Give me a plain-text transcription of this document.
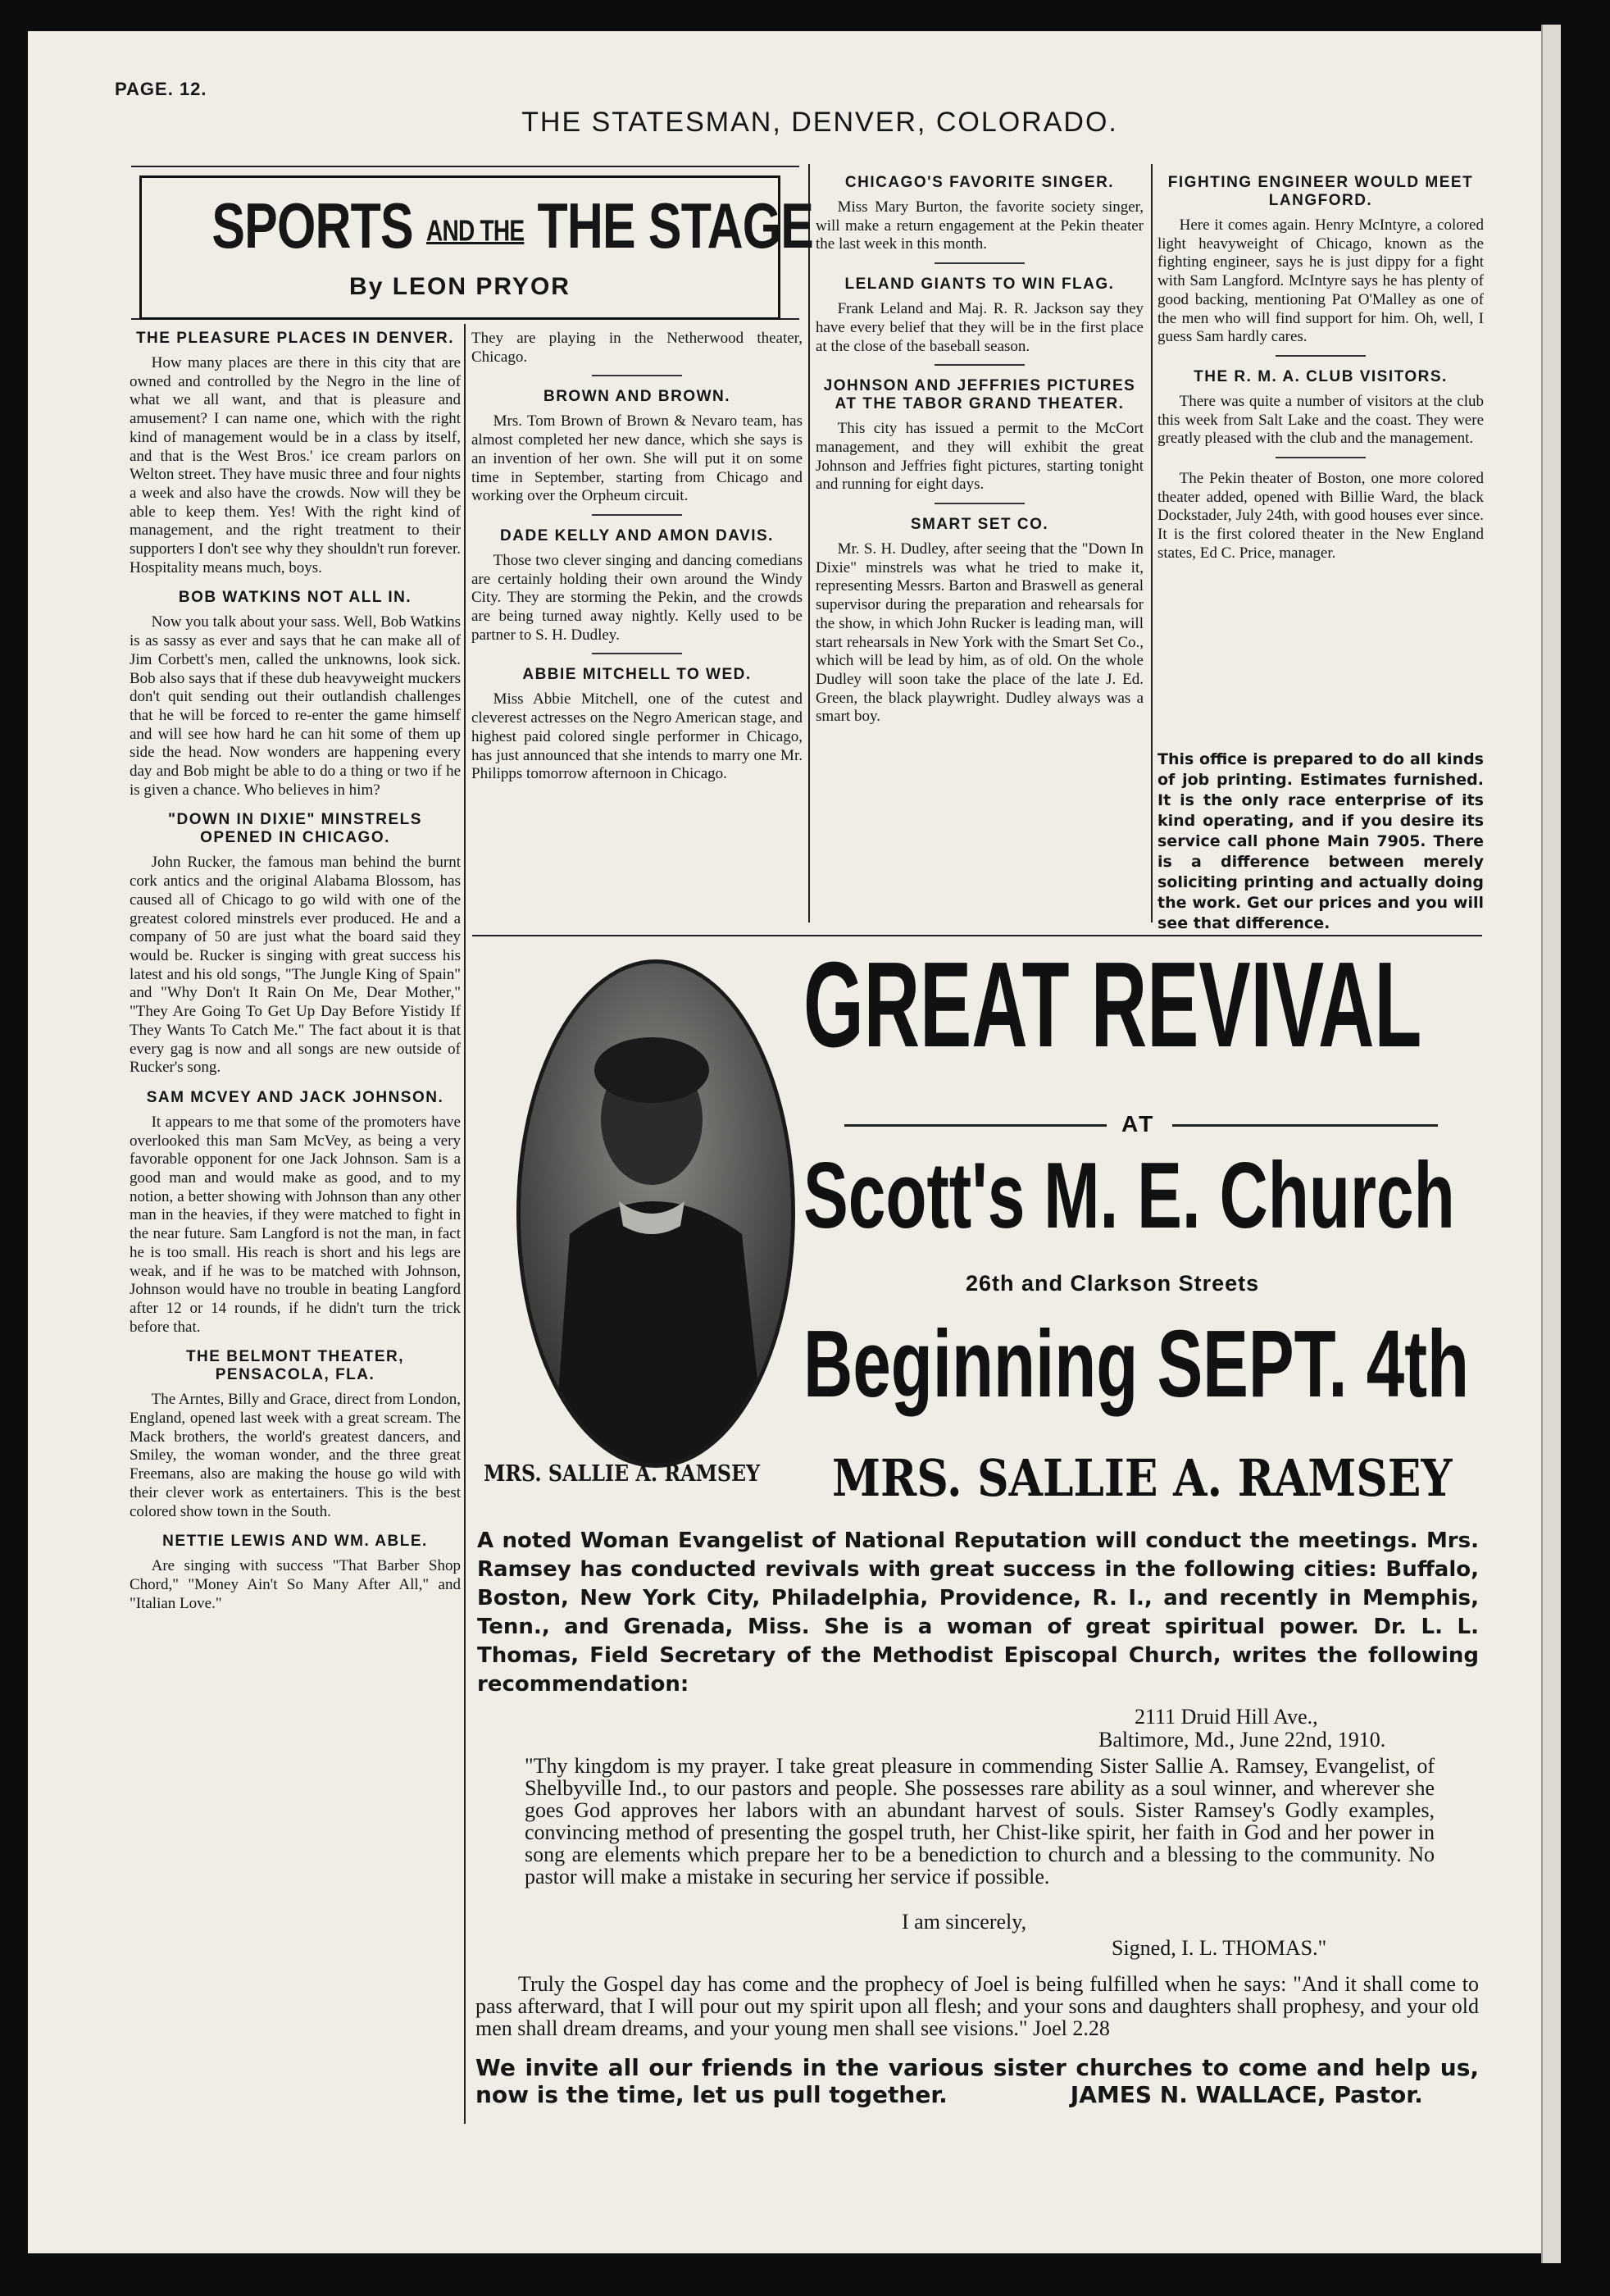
PAGE. 12.
THE STATESMAN, DENVER, COLORADO.
SPORTS AND THE THE STAGE
By LEON PRYOR
THE PLEASURE PLACES IN DENVER.

How many places are there in this city that are owned and controlled by the Negro in the line of what we all want, and that is pleasure and amusement? I can name one, which with the right kind of management would be in a class by itself, and that is the West Bros.' ice cream parlors on Welton street. They have music three and four nights a week and also have the crowds. Now will they be able to keep them. Yes! With the right kind of management, and the right treatment to their supporters I don't see why they shouldn't run forever. Hospitality means much, boys.

BOB WATKINS NOT ALL IN.

Now you talk about your sass. Well, Bob Watkins is as sassy as ever and says that he can make all of Jim Corbett's men, called the unknowns, look sick. Bob also says that if these dub heavyweight muckers don't quit sending out their outlandish challenges that he will be forced to re-enter the game himself and will see how hard he can hit some of them up side the head. Now wonders are happening every day and Bob might be able to do a thing or two if he is given a chance. Who believes in him?

"DOWN IN DIXIE" MINSTRELS OPENED IN CHICAGO.

John Rucker, the famous man behind the burnt cork antics and the original Alabama Blossom, has caused all of Chicago to go wild with one of the greatest colored minstrels ever produced. He and a company of 50 are just what the board said they would be. Rucker is singing with great success his latest and his old songs, "The Jungle King of Spain" and "Why Don't It Rain On Me, Dear Mother," "They Are Going To Get Up Day Before Yistidy If They Wants To Catch Me." The fact about it is that every gag is now and all songs are new outside of Rucker's song.

SAM MCVEY AND JACK JOHNSON.

It appears to me that some of the promoters have overlooked this man Sam McVey, as being a very favorable opponent for one Jack Johnson. Sam is a good man and would make as good, and to my notion, a better showing with Johnson than any other man in the heavies, if they were matched to fight in the near future. Sam Langford is not the man, in fact he is too small. His reach is short and his legs are weak, and if he was to be matched with Johnson, Johnson would have no trouble in beating Langford after 12 or 14 rounds, if he didn't turn the trick before that.

THE BELMONT THEATER, PENSACOLA, FLA.

The Arntes, Billy and Grace, direct from London, England, opened last week with a great scream. The Mack brothers, the world's greatest dancers, and Smiley, the woman wonder, and the three great Freemans, also are making the house go wild with their clever work as entertainers. This is the best colored show town in the South.

NETTIE LEWIS AND WM. ABLE.

Are singing with success "That Barber Shop Chord," "Money Ain't So Many After All," and "Italian Love."

They are playing in the Netherwood theater, Chicago.

BROWN AND BROWN.

Mrs. Tom Brown of Brown & Nevaro team, has almost completed her new dance, which she says is an invention of her own. She will put it on some time in September, starting from Chicago and working over the Orpheum circuit.

DADE KELLY AND AMON DAVIS.

Those two clever singing and dancing comedians are certainly holding their own around the Windy City. They are storming the Pekin, and the crowds are being turned away nightly. Kelly used to be partner to S. H. Dudley.

ABBIE MITCHELL TO WED.

Miss Abbie Mitchell, one of the cutest and cleverest actresses on the Negro American stage, and highest paid colored single performer in Chicago, has just announced that she intends to marry one Mr. Philipps tomorrow afternoon in Chicago.

CHICAGO'S FAVORITE SINGER.

Miss Mary Burton, the favorite society singer, will make a return engagement at the Pekin theater the last week in this month.

LELAND GIANTS TO WIN FLAG.

Frank Leland and Maj. R. R. Jackson say they have every belief that they will be in the first place at the close of the baseball season.

JOHNSON AND JEFFRIES PICTURES AT THE TABOR GRAND THEATER.

This city has issued a permit to the McCort management, and they will exhibit the great Johnson and Jeffries fight pictures, starting tonight and running for eight days.

SMART SET CO.

Mr. S. H. Dudley, after seeing that the "Down In Dixie" minstrels was what he tried to make it, representing Messrs. Barton and Braswell as general supervisor during the preparation and rehearsals for the show, in which John Rucker is leading man, will start rehearsals in New York with the Smart Set Co., which will be lead by him, as of old. On the whole Dudley will soon take the place of the late J. Ed. Green, the black playwright. Dudley always was a smart boy.

FIGHTING ENGINEER WOULD MEET LANGFORD.

Here it comes again. Henry McIntyre, a colored light heavyweight of Chicago, known as the fighting engineer, says he is just dippy for a fight with Sam Langford. McIntyre says he has plenty of good backing, mentioning Pat O'Malley as one of the men who will find support for him. Oh, well, I guess Sam hardly cares.

THE R. M. A. CLUB VISITORS.

There was quite a number of visitors at the club this week from Salt Lake and the coast. They were greatly pleased with the club and the management.

The Pekin theater of Boston, one more colored theater added, opened with Billie Ward, the black Dockstader, July 24th, with good houses ever since. It is the first colored theater in the New England states, Ed C. Price, manager.

This office is prepared to do all kinds of job printing. Estimates furnished. It is the only race enterprise of its kind operating, and if you desire its service call phone Main 7905. There is a difference between merely soliciting printing and actually doing the work. Get our prices and you will see that difference.
GREAT REVIVAL
AT
Scott's M. E. Church
26th and Clarkson Streets
Beginning SEPT. 4th
MRS. SALLIE A. RAMSEY MRS. SALLIE A. RAMSEY
A noted Woman Evangelist of National Reputation will conduct the meetings. Mrs. Ramsey has conducted revivals with great success in the following cities: Buffalo, Boston, New York City, Philadelphia, Providence, R. I., and recently in Memphis, Tenn., and Grenada, Miss. She is a woman of great spiritual power. Dr. L. L. Thomas, Field Secretary of the Methodist Episcopal Church, writes the following recommendation:
2111 Druid Hill Ave.,
Baltimore, Md., June 22nd, 1910.
"Thy kingdom is my prayer. I take great pleasure in commending Sister Sallie A. Ramsey, Evangelist, of Shelbyville Ind., to our pastors and people. She possesses rare ability as a soul winner, and wherever she goes God approves her labors with an abundant harvest of souls. Sister Ramsey's Godly examples, convincing method of presenting the gospel truth, her Chist-like spirit, her faith in God and her power in song are elements which prepare her to be a benediction to church and a blessing to the community. No pastor will make a mistake in securing her service if possible.
I am sincerely,
Signed, I. L. THOMAS."
Truly the Gospel day has come and the prophecy of Joel is being fulfilled when he says: "And it shall come to pass afterward, that I will pour out my spirit upon all flesh; and your sons and daughters shall prophesy, and your old men shall dream dreams, and your young men shall see visions." Joel 2.28
We invite all our friends in the various sister churches to come and help us, now is the time, let us pull together.	JAMES N. WALLACE, Pastor.
